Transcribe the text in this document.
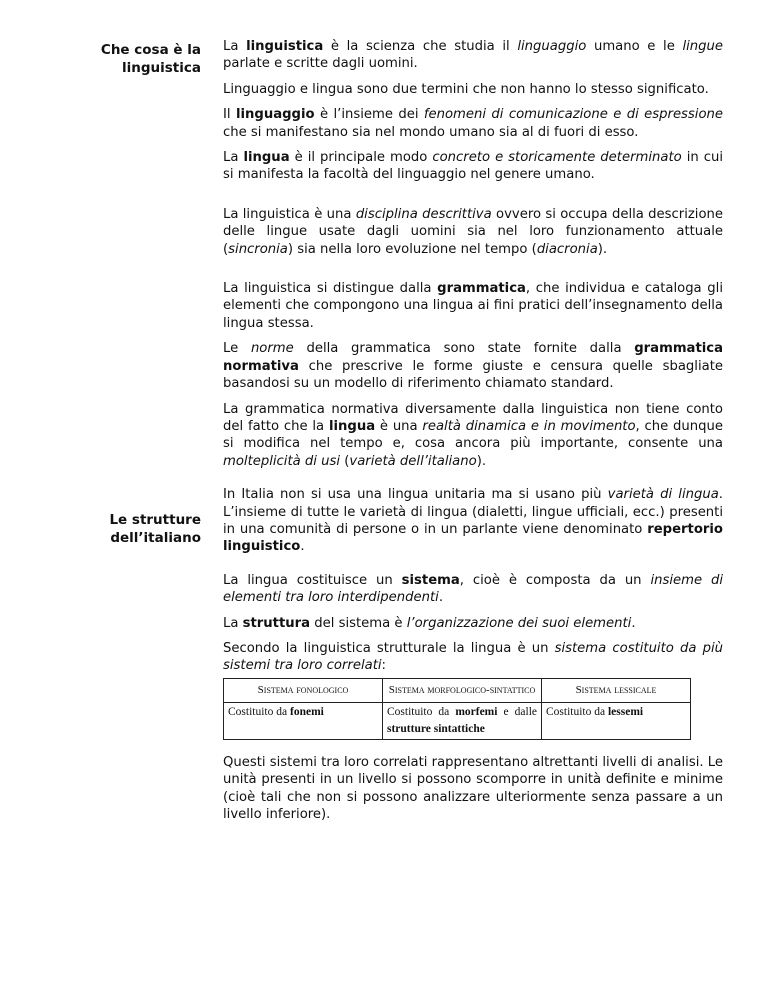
Che cosa è la
linguistica
Le strutture
dell’italiano

La linguistica è la scienza che studia il linguaggio umano e le lingue parlate e scritte dagli uomini.

Linguaggio e lingua sono due termini che non hanno lo stesso significato.

Il linguaggio è l’insieme dei fenomeni di comunicazione e di espressione che si manifestano sia nel mondo umano sia al di fuori di esso.

La lingua è il principale modo concreto e storicamente determinato in cui si manifesta la facoltà del linguaggio nel genere umano.

La linguistica è una disciplina descrittiva ovvero si occupa della descrizione delle lingue usate dagli uomini sia nel loro funzionamento attuale (sincronia) sia nella loro evoluzione nel tempo (diacronia).

La linguistica si distingue dalla grammatica, che individua e cataloga gli elementi che compongono una lingua ai fini pratici dell’insegnamento della lingua stessa.

Le norme della grammatica sono state fornite dalla grammatica normativa che prescrive le forme giuste e censura quelle sbagliate basandosi su un modello di riferimento chiamato standard.

La grammatica normativa diversamente dalla linguistica non tiene conto del fatto che la lingua è una realtà dinamica e in movimento, che dunque si modifica nel tempo e, cosa ancora più importante, consente una molteplicità di usi (varietà dell’italiano).

In Italia non si usa una lingua unitaria ma si usano più varietà di lingua. L’insieme di tutte le varietà di lingua (dialetti, lingue ufficiali, ecc.) presenti in una comunità di persone o in un parlante viene denominato repertorio linguistico.

La lingua costituisce un sistema, cioè è composta da un insieme di elementi tra loro interdipendenti.

La struttura del sistema è l’organizzazione dei suoi elementi.

Secondo la linguistica strutturale la lingua è un sistema costituito da più sistemi tra loro correlati:

Sistema fonologico	Sistema morfologico-sintattico	Sistema lessicale
Costituito da fonemi	Costituito da morfemi e dalle strutture sintattiche	Costituito da lessemi

Questi sistemi tra loro correlati rappresentano altrettanti livelli di analisi. Le unità presenti in un livello si possono scomporre in unità definite e minime (cioè tali che non si possono analizzare ulteriormente senza passare a un livello inferiore).
